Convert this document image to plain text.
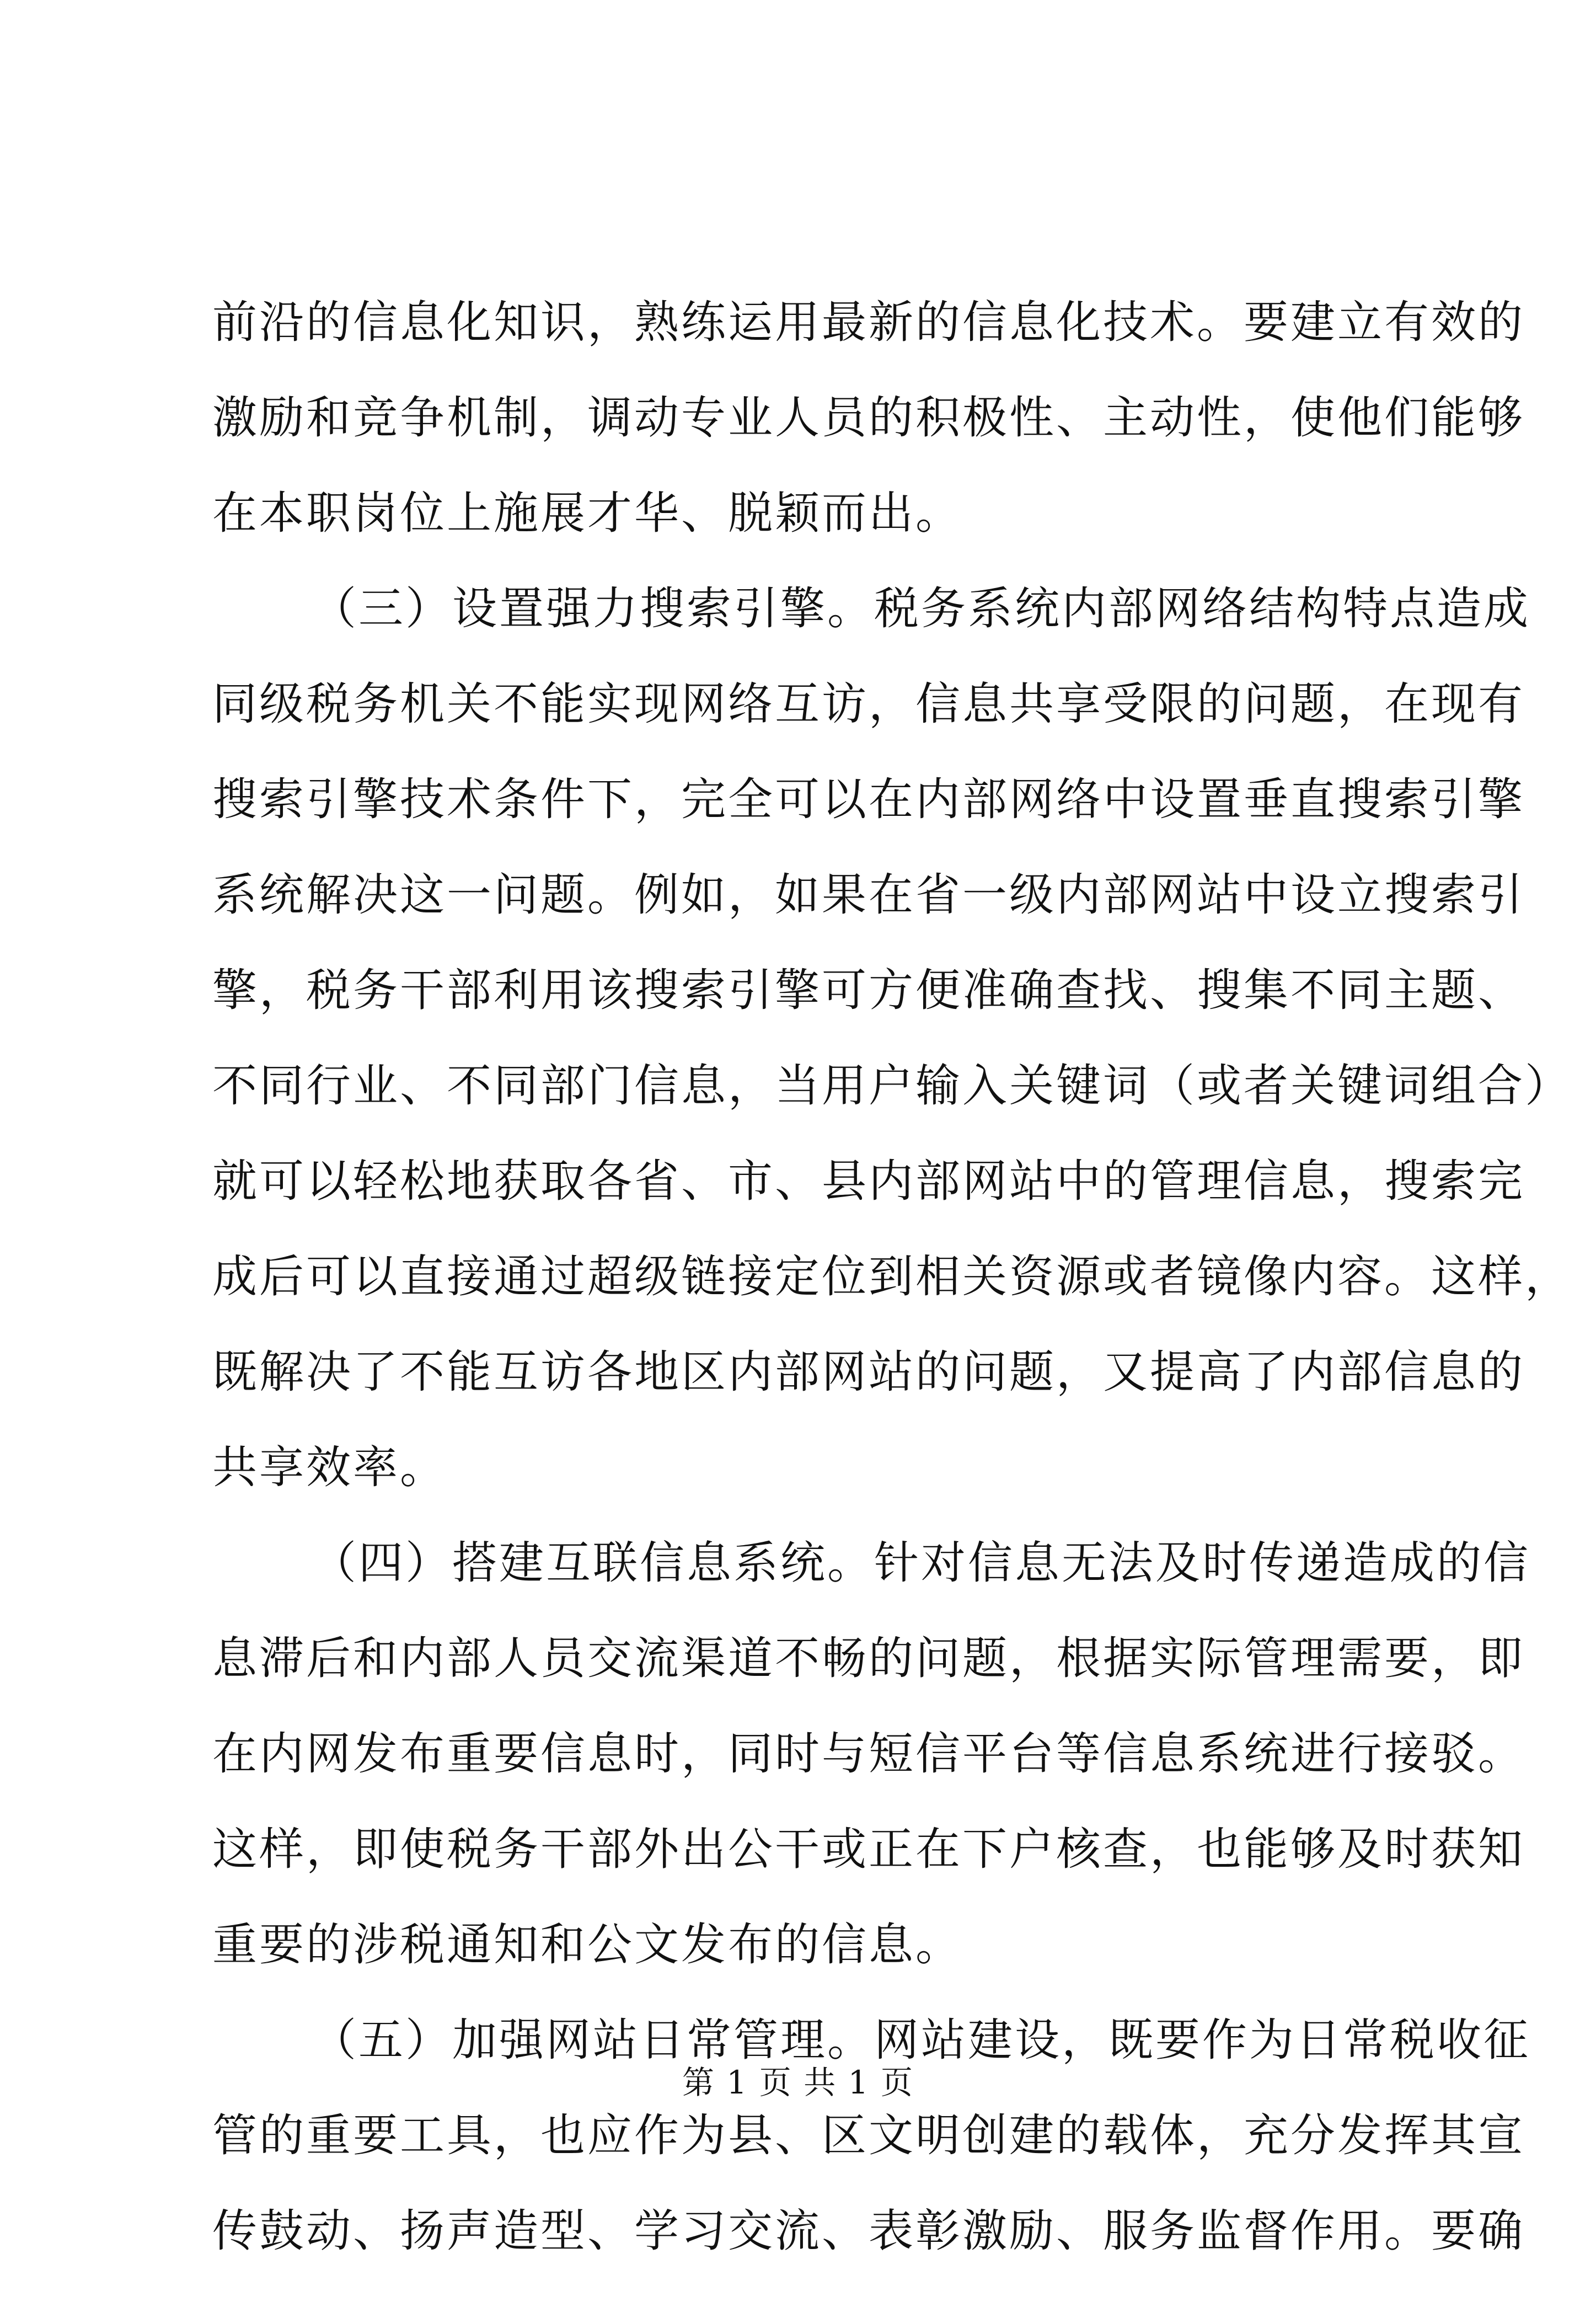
前沿的信息化知识，熟练运用最新的信息化技术。要建立有效的
激励和竞争机制，调动专业人员的积极性、主动性，使他们能够
在本职岗位上施展才华、脱颖而出。
（三）设置强力搜索引擎。税务系统内部网络结构特点造成
同级税务机关不能实现网络互访，信息共享受限的问题，在现有
搜索引擎技术条件下，完全可以在内部网络中设置垂直搜索引擎
系统解决这一问题。例如，如果在省一级内部网站中设立搜索引
擎，税务干部利用该搜索引擎可方便准确查找、搜集不同主题、
不同行业、不同部门信息，当用户输入关键词（或者关键词组合）
就可以轻松地获取各省、市、县内部网站中的管理信息，搜索完
成后可以直接通过超级链接定位到相关资源或者镜像内容。这样，
既解决了不能互访各地区内部网站的问题，又提高了内部信息的
共享效率。
（四）搭建互联信息系统。针对信息无法及时传递造成的信
息滞后和内部人员交流渠道不畅的问题，根据实际管理需要，即
在内网发布重要信息时，同时与短信平台等信息系统进行接驳。
这样，即使税务干部外出公干或正在下户核查，也能够及时获知
重要的涉税通知和公文发布的信息。
（五）加强网站日常管理。网站建设，既要作为日常税收征
管的重要工具，也应作为县、区文明创建的载体，充分发挥其宣
传鼓动、扬声造型、学习交流、表彰激励、服务监督作用。要确
第 1 页 共 1 页
